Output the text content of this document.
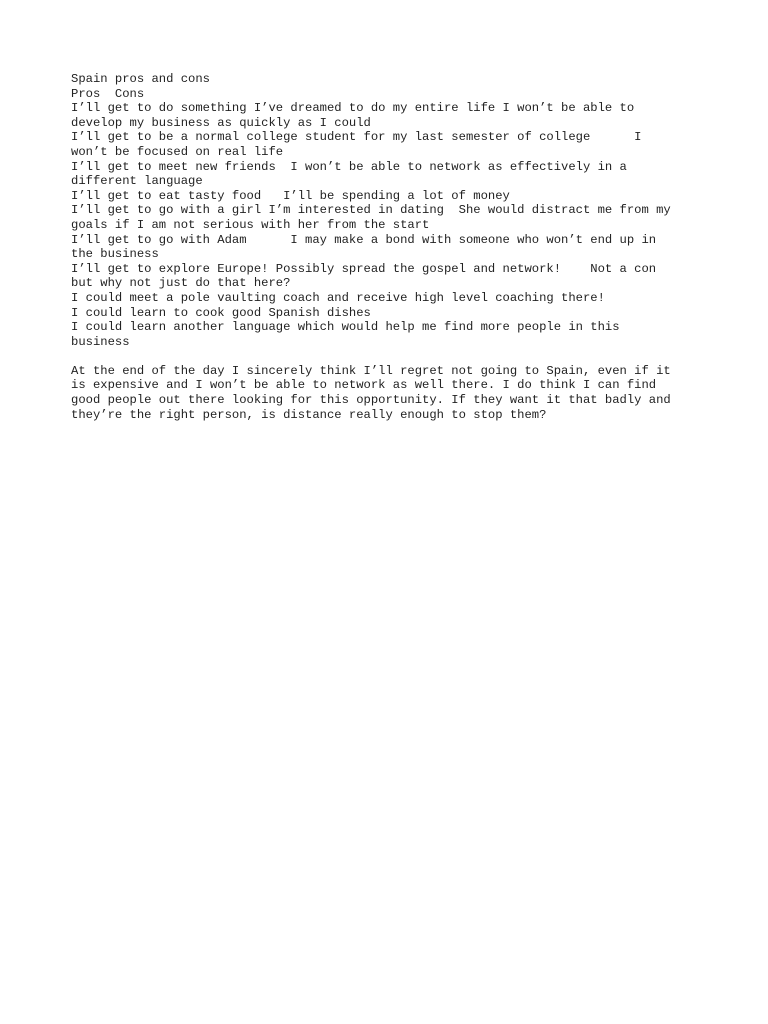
Spain pros and cons
Pros  Cons
I’ll get to do something I’ve dreamed to do my entire life I won’t be able to
develop my business as quickly as I could
I’ll get to be a normal college student for my last semester of college      I
won’t be focused on real life
I’ll get to meet new friends  I won’t be able to network as effectively in a
different language
I’ll get to eat tasty food   I’ll be spending a lot of money
I’ll get to go with a girl I’m interested in dating  She would distract me from my
goals if I am not serious with her from the start
I’ll get to go with Adam      I may make a bond with someone who won’t end up in
the business
I’ll get to explore Europe! Possibly spread the gospel and network!    Not a con
but why not just do that here?
I could meet a pole vaulting coach and receive high level coaching there!
I could learn to cook good Spanish dishes
I could learn another language which would help me find more people in this
business
At the end of the day I sincerely think I’ll regret not going to Spain, even if it
is expensive and I won’t be able to network as well there. I do think I can find
good people out there looking for this opportunity. If they want it that badly and
they’re the right person, is distance really enough to stop them?
